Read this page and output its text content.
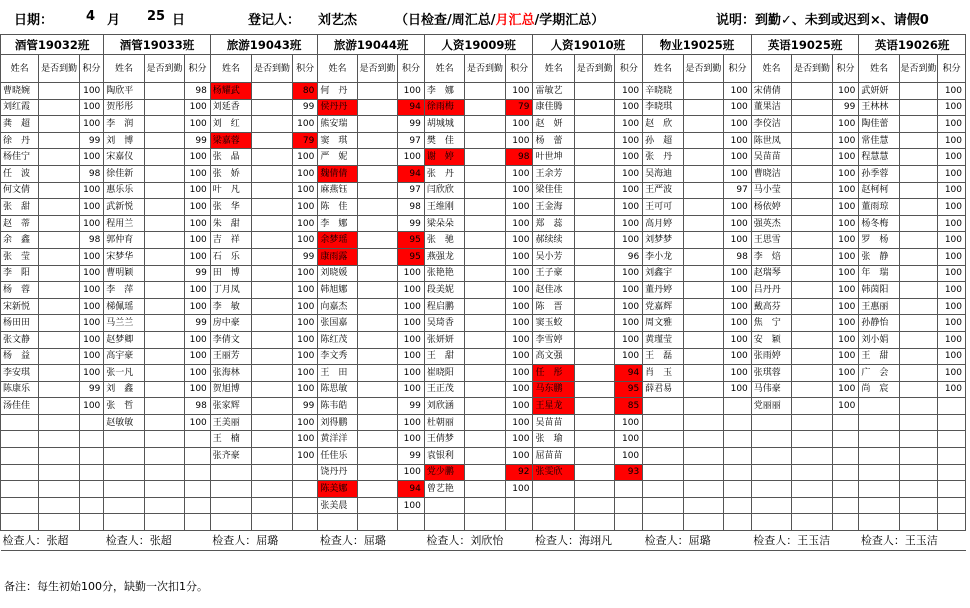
日期：	4 月 25 日	登记人： 刘艺杰	（日检查/周汇总/月汇总/学期汇总）	说明：到勤✓、未到或迟到×、请假0
酒管19032班			酒管19033班			旅游19043班			旅游19044班			人资19009班			人资19010班			物业19025班			英语19025班			英语19026班		
姓名	是否到勤	积分	姓名	是否到勤	积分	姓名	是否到勤	积分	姓名	是否到勤	积分	姓名	是否到勤	积分	姓名	是否到勤	积分	姓名	是否到勤	积分	姓名	是否到勤	积分	姓名	是否到勤	积分
曹晓婉		100	陶欣平		98	杨耀武		80	何　丹		100	李　娜		100	雷敏艺		100	辛晓晓		100	宋倩倩		100	武妍妍		100
刘红霞		100	贺彤彤		100	刘延香		99	侯丹丹		94	徐雨梅		79	康佳腾		100	李晓琪		100	董果洁		99	王林林		100
龚　超		100	李　润		100	刘　红		100	熊安瑞		99	胡城城		100	赵　妍		100	赵　欣		100	李佼洁		100	陶佳蕾		100
徐　丹		99	刘　博		99	梁嘉蓉		79	窦　琪		97	樊　佳		100	杨　蕾		100	孙　超		100	陈世凤		100	常佳慧		100
杨佳宁		100	宋嘉仪		100	张　晶		100	严　妮		100	谢　婷		98	叶世坤		100	张　丹		100	吴苗苗		100	程慧慧		100
任　波		98	徐佳新		100	张　娇		100	魏倩倩		94	张　丹		100	王余芳		100	吴海迪		100	曹晓洁		100	孙季蓉		100
何文倩		100	惠乐乐		100	叶　凡		100	麻燕钰		97	闫欣欣		100	梁佳佳		100	王严波		97	马小莹		100	赵柯柯		100
张　甜		100	武新悦		100	张　华		100	陈　佳		98	王维刚		100	王金海		100	王可可		100	杨依婷		100	董雨琼		100
赵　蒂		100	程用兰		100	朱　甜		100	李　娜		99	梁朵朵		100	郑　蕊		100	高月婷		100	强英杰		100	杨冬梅		100
余　鑫		98	郭仲育		100	吉　祥		100	余梦瑶		95	张　驰		100	郝续续		100	刘梦梦		100	王思雪		100	罗　杨		100
张　莹		100	宋梦华		100	石　乐		99	康雨露		95	燕强龙		100	吴小芳		96	李小龙		98	李　焙		100	张　静		100
李　阳		100	曹明颖		99	田　博		100	刘晓媛		100	张艳艳		100	王子豪		100	刘鑫宇		100	赵瑞琴		100	年　瑞		100
杨　蓉		100	李　萍		100	丁月凤		100	韩旭娜		100	段美妮		100	赵佳冰		100	董丹婷		100	吕丹丹		100	韩茵阳		100
宋新悦		100	梯佩瑶		100	李　敏		100	向嘉杰		100	程启鹏		100	陈　晋		100	党嘉辉		100	戴高芬		100	王惠丽		100
杨田田		100	马兰兰		99	房中豪		100	张国嘉		100	吴琦香		100	窦玉蛟		100	周文雅		100	焦　宁		100	孙静怡		100
张文静		100	赵梦卿		100	李倩文		100	陈红茂		100	张妍妍		100	李雪婷		100	黄瑾莹		100	安　颖		100	刘小娟		100
杨　益		100	高宇豪		100	王丽芳		100	李文秀		100	王　甜		100	高文强		100	王　磊		100	张雨婷		100	王　甜		100
李安琪		100	张一凡		100	张海林		100	王　田		100	崔晓阳		100	任　彤		94	肖　玉		100	张琪蓉		100	广　会		100
陈康乐		99	刘　鑫		100	贺旭博		100	陈思敏		100	王正茂		100	马东鹏		95	薛君易		100	马伟豪		100	尚　宸		100
汤佳佳		100	张　哲		98	张家辉		99	陈韦皓		99	刘欣涵		100	王星龙		85				党丽丽		100			
			赵敏敏		100	王美丽		100	刘得鹏		100	杜朝丽		100	吴苗苗		100									
						王　楠		100	黄洋洋		100	王倩梦		100	张　瑜		100									
						张齐豪		100	任佳乐		99	袁银利		100	屈苗苗		100									
									饶丹丹		100	党少鹏		92	张雯欣		93									
									陈美娜		94	曾艺艳		100												
									张美晨		100															

检查人：张超			检查人：张超			检查人：屈璐			检查人：屈璐			检查人：刘欣怡			检查人：海翊凡			检查人：屈璐			检查人：王玉洁			检查人：王玉洁		
备注：每生初始100分，缺勤一次扣1分。
